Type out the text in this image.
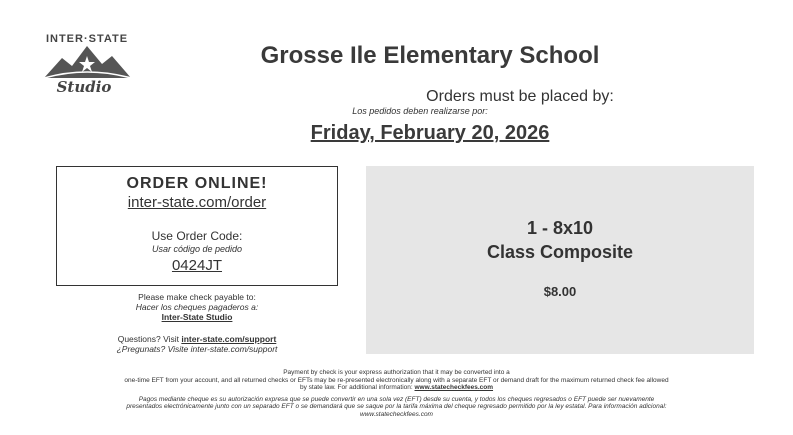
INTER·STATE
Studio
Grosse Ile Elementary School
Orders must be placed by:
Los pedidos deben realizarse por:
Friday, February 20, 2026
ORDER ONLINE!
inter-state.com/order
Use Order Code:
Usar código de pedido
0424JT
Please make check payable to:
Hacer los cheques pagaderos a:
Inter-State Studio
Questions? Visit inter-state.com/support
¿Pregunats? Visite inter-state.com/support
1 - 8x10
Class Composite
$8.00
Payment by check is your express authorization that it may be converted into a
one-time EFT from your account, and all returned checks or EFTs may be re-presented electronically along with a separate EFT or demand draft for the maximum returned check fee allowed
by state law. For additional information: www.statecheckfees.com
Pagos mediante cheque es su autorización expresa que se puede convertir en una sola vez (EFT) desde su cuenta, y todos los cheques regresados o EFT puede ser nuevamente
presentados electrónicamente junto con un separado EFT o se demandará que se saque por la tarifa máxima del cheque regresado permitido por la ley estatal. Para información adicional:
www.statecheckfees.com
